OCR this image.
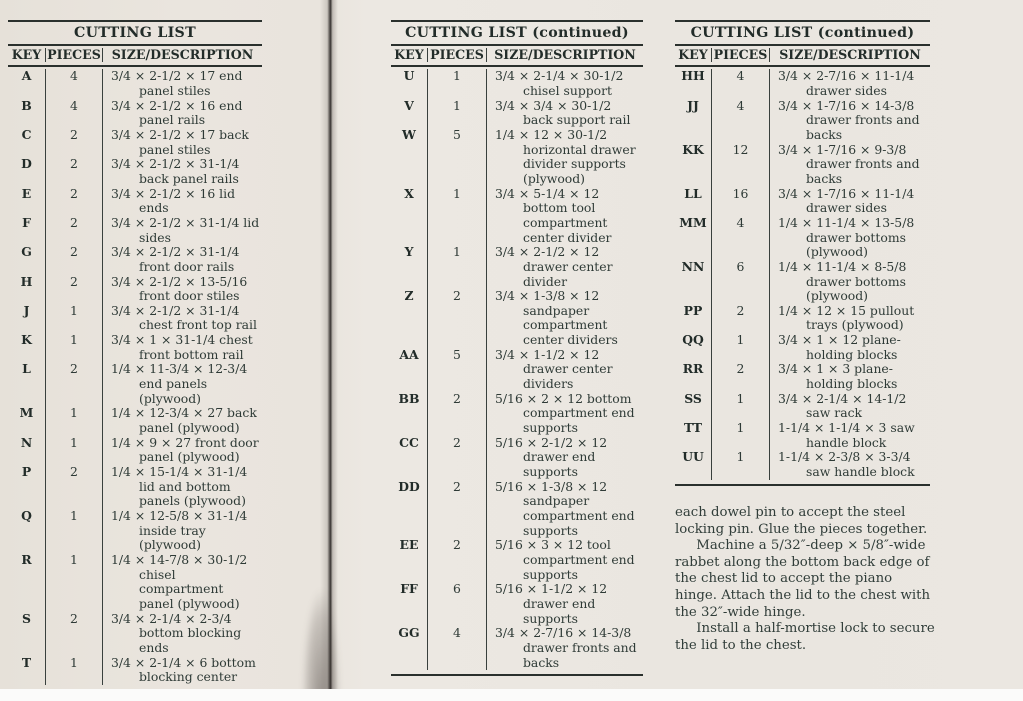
CUTTING LIST
KEY PIECES SIZE/DESCRIPTION
A	4	3/4 × 2-1/2 × 17 end panel stiles
B	4	3/4 × 2-1/2 × 16 end panel rails
C	2	3/4 × 2-1/2 × 17 back panel stiles
D	2	3/4 × 2-1/2 × 31-1/4 back panel rails
E	2	3/4 × 2-1/2 × 16 lid ends
F	2	3/4 × 2-1/2 × 31-1/4 lid sides
G	2	3/4 × 2-1/2 × 31-1/4 front door rails
H	2	3/4 × 2-1/2 × 13-5/16 front door stiles
J	1	3/4 × 2-1/2 × 31-1/4 chest front top rail
K	1	3/4 × 1 × 31-1/4 chest front bottom rail
L	2	1/4 × 11-3/4 × 12-3/4 end panels (plywood)
M	1	1/4 × 12-3/4 × 27 back panel (plywood)
N	1	1/4 × 9 × 27 front door panel (plywood)
P	2	1/4 × 15-1/4 × 31-1/4 lid and bottom panels (plywood)
Q	1	1/4 × 12-5/8 × 31-1/4 inside tray (plywood)
R	1	1/4 × 14-7/8 × 30-1/2 chisel compartment panel (plywood)
S	2	3/4 × 2-1/4 × 2-3/4 bottom blocking ends
T	1	3/4 × 2-1/4 × 6 bottom blocking center
CUTTING LIST (continued)
KEY PIECES SIZE/DESCRIPTION
U	1	3/4 × 2-1/4 × 30-1/2 chisel support
V	1	3/4 × 3/4 × 30-1/2 back support rail
W	5	1/4 × 12 × 30-1/2 horizontal drawer divider supports (plywood)
X	1	3/4 × 5-1/4 × 12 bottom tool compartment center divider
Y	1	3/4 × 2-1/2 × 12 drawer center divider
Z	2	3/4 × 1-3/8 × 12 sandpaper compartment center dividers
AA	5	3/4 × 1-1/2 × 12 drawer center dividers
BB	2	5/16 × 2 × 12 bottom compartment end supports
CC	2	5/16 × 2-1/2 × 12 drawer end supports
DD	2	5/16 × 1-3/8 × 12 sandpaper compartment end supports
EE	2	5/16 × 3 × 12 tool compartment end supports
FF	6	5/16 × 1-1/2 × 12 drawer end supports
GG	4	3/4 × 2-7/16 × 14-3/8 drawer fronts and backs
CUTTING LIST (continued)
KEY PIECES SIZE/DESCRIPTION
HH	4	3/4 × 2-7/16 × 11-1/4 drawer sides
JJ	4	3/4 × 1-7/16 × 14-3/8 drawer fronts and backs
KK	12	3/4 × 1-7/16 × 9-3/8 drawer fronts and backs
LL	16	3/4 × 1-7/16 × 11-1/4 drawer sides
MM	4	1/4 × 11-1/4 × 13-5/8 drawer bottoms (plywood)
NN	6	1/4 × 11-1/4 × 8-5/8 drawer bottoms (plywood)
PP	2	1/4 × 12 × 15 pullout trays (plywood)
QQ	1	3/4 × 1 × 12 plane-holding blocks
RR	2	3/4 × 1 × 3 plane-holding blocks
SS	1	3/4 × 2-1/4 × 14-1/2 saw rack
TT	1	1-1/4 × 1-1/4 × 3 saw handle block
UU	1	1-1/4 × 2-3/8 × 3-3/4 saw handle block

each dowel pin to accept the steel locking pin. Glue the pieces together.

Machine a 5/32″-deep × 5/8″-wide rabbet along the bottom back edge of the chest lid to accept the piano hinge. Attach the lid to the chest with the 32″-wide hinge.

Install a half-mortise lock to secure the lid to the chest.
